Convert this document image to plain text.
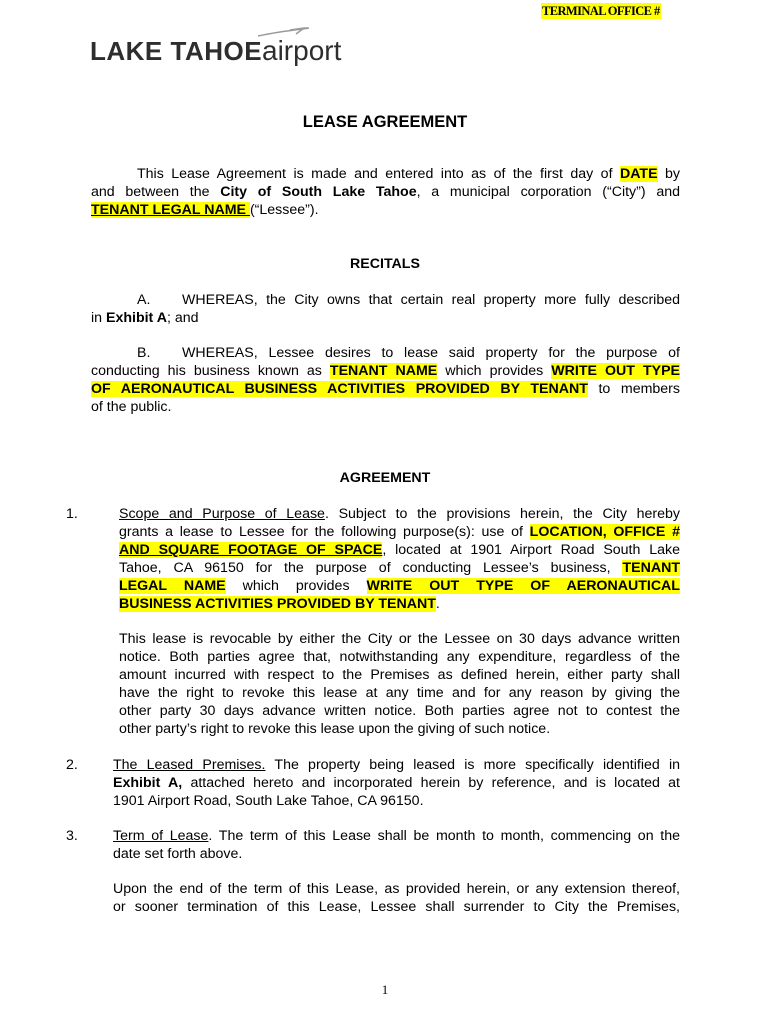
TERMINAL OFFICE #
LAKE TAHOE airport
LEASE AGREEMENT
This Lease Agreement is made and entered into as of the first day of DATE by
and between the City of South Lake Tahoe, a municipal corporation (“City”) and
TENANT LEGAL NAME (“Lessee”).
RECITALS
A. WHEREAS, the City owns that certain real property more fully described
in Exhibit A; and
B. WHEREAS, Lessee desires to lease said property for the purpose of
conducting his business known as TENANT NAME which provides WRITE OUT TYPE
OF AERONAUTICAL BUSINESS ACTIVITIES PROVIDED BY TENANT to members
of the public.
AGREEMENT
1.	Scope and Purpose of Lease. Subject to the provisions herein, the City hereby
grants a lease to Lessee for the following purpose(s): use of LOCATION, OFFICE #
AND SQUARE FOOTAGE OF SPACE, located at 1901 Airport Road South Lake
Tahoe, CA 96150 for the purpose of conducting Lessee’s business, TENANT
LEGAL NAME which provides WRITE OUT TYPE OF AERONAUTICAL
BUSINESS ACTIVITIES PROVIDED BY TENANT.
This lease is revocable by either the City or the Lessee on 30 days advance written
notice. Both parties agree that, notwithstanding any expenditure, regardless of the
amount incurred with respect to the Premises as defined herein, either party shall
have the right to revoke this lease at any time and for any reason by giving the
other party 30 days advance written notice. Both parties agree not to contest the
other party’s right to revoke this lease upon the giving of such notice.
2. The Leased Premises. The property being leased is more specifically identified in
Exhibit A, attached hereto and incorporated herein by reference, and is located at
1901 Airport Road, South Lake Tahoe, CA 96150.
3. Term of Lease. The term of this Lease shall be month to month, commencing on the
date set forth above.
Upon the end of the term of this Lease, as provided herein, or any extension thereof,
or sooner termination of this Lease, Lessee shall surrender to City the Premises,
1
